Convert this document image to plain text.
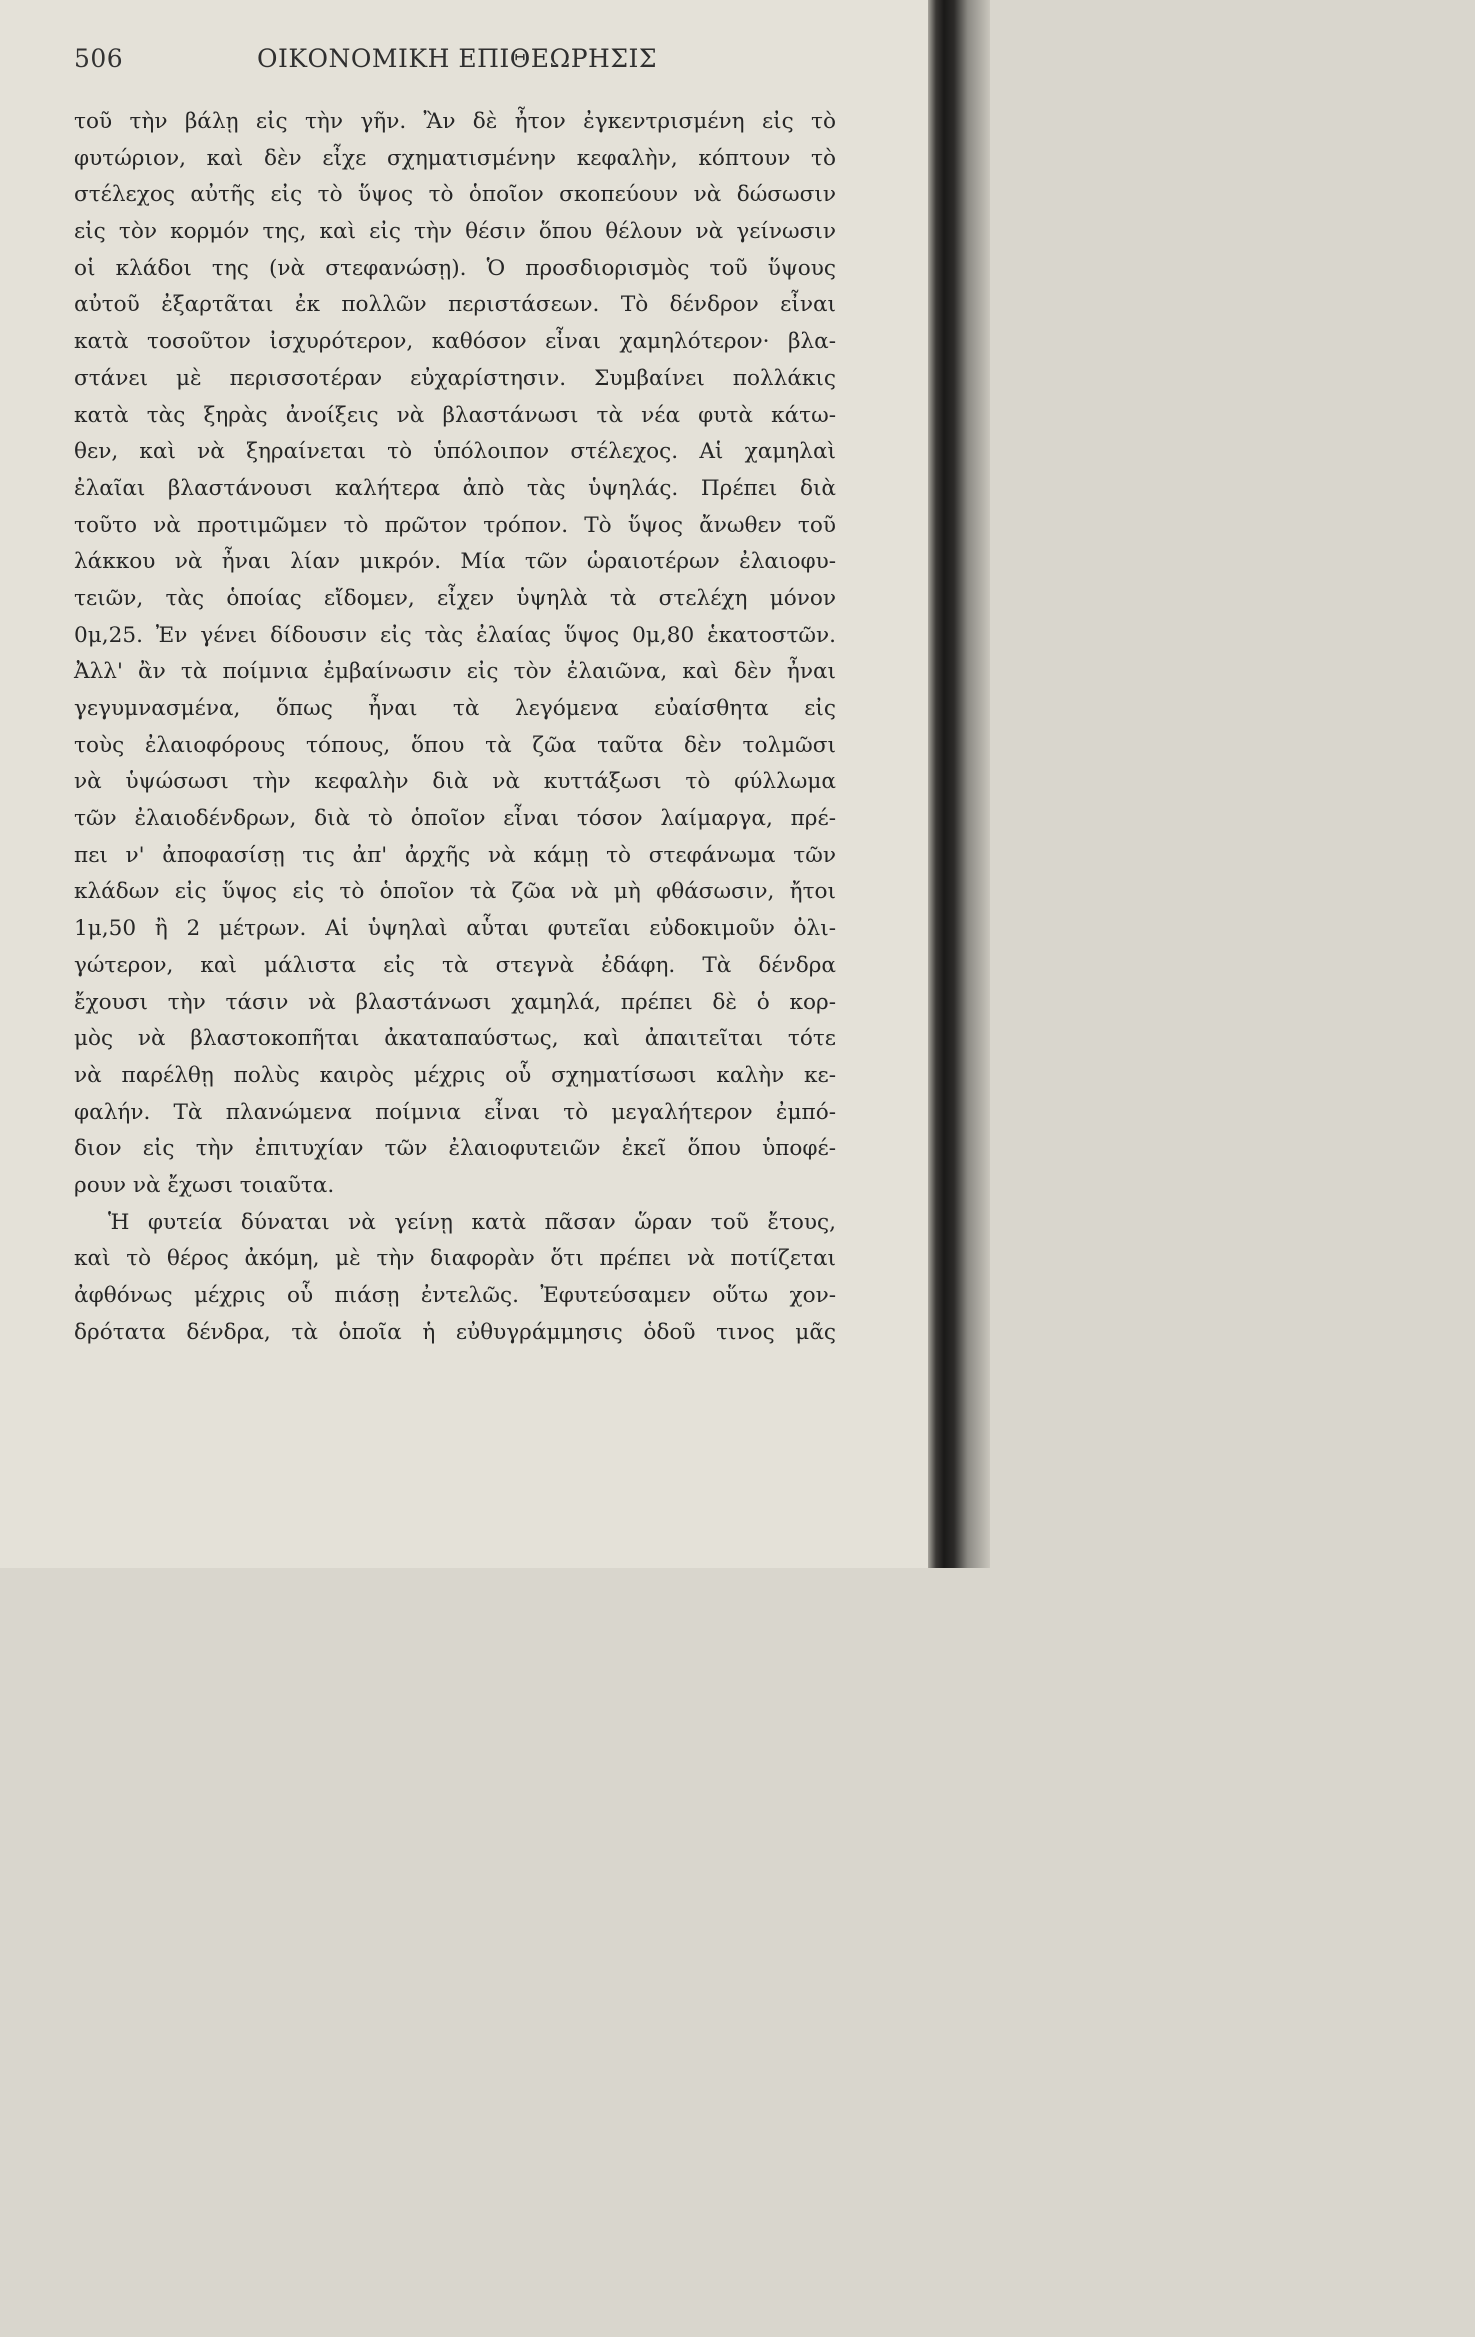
506	ΟΙΚΟΝΟΜΙΚΗ ΕΠΙΘΕΩΡΗΣΙΣ
τοῦ τὴν βάλῃ εἰς τὴν γῆν. Ἂν δὲ ἦτον ἐγκεντρισμένη εἰς τὸ
φυτώριον, καὶ δὲν εἶχε σχηματισμένην κεφαλὴν, κόπτουν τὸ
στέλεχος αὐτῆς εἰς τὸ ὕψος τὸ ὁποῖον σκοπεύουν νὰ δώσωσιν
εἰς τὸν κορμόν της, καὶ εἰς τὴν θέσιν ὅπου θέλουν νὰ γείνωσιν
οἱ κλάδοι της (νὰ στεφανώσῃ). Ὁ προσδιορισμὸς τοῦ ὕψους
αὐτοῦ ἐξαρτᾶται ἐκ πολλῶν περιστάσεων. Τὸ δένδρον εἶναι
κατὰ τοσοῦτον ἰσχυρότερον, καθόσον εἶναι χαμηλότερον· βλα-
στάνει μὲ περισσοτέραν εὐχαρίστησιν. Συμβαίνει πολλάκις
κατὰ τὰς ξηρὰς ἀνοίξεις νὰ βλαστάνωσι τὰ νέα φυτὰ κάτω-
θεν, καὶ νὰ ξηραίνεται τὸ ὑπόλοιπον στέλεχος. Αἱ χαμηλαὶ
ἐλαῖαι βλαστάνουσι καλήτερα ἀπὸ τὰς ὑψηλάς. Πρέπει διὰ
τοῦτο νὰ προτιμῶμεν τὸ πρῶτον τρόπον. Τὸ ὕψος ἄνωθεν τοῦ
λάκκου νὰ ἦναι λίαν μικρόν. Μία τῶν ὡραιοτέρων ἐλαιοφυ-
τειῶν, τὰς ὁποίας εἴδομεν, εἶχεν ὑψηλὰ τὰ στελέχη μόνον
0μ,25. Ἐν γένει δίδουσιν εἰς τὰς ἐλαίας ὕψος 0μ,80 ἑκατοστῶν.
Ἀλλ' ἂν τὰ ποίμνια ἐμβαίνωσιν εἰς τὸν ἐλαιῶνα, καὶ δὲν ἦναι
γεγυμνασμένα, ὅπως ἦναι τὰ λεγόμενα εὐαίσθητα εἰς
τοὺς ἐλαιοφόρους τόπους, ὅπου τὰ ζῶα ταῦτα δὲν τολμῶσι
νὰ ὑψώσωσι τὴν κεφαλὴν διὰ νὰ κυττάξωσι τὸ φύλλωμα
τῶν ἐλαιοδένδρων, διὰ τὸ ὁποῖον εἶναι τόσον λαίμαργα, πρέ-
πει ν' ἀποφασίσῃ τις ἀπ' ἀρχῆς νὰ κάμῃ τὸ στεφάνωμα τῶν
κλάδων εἰς ὕψος εἰς τὸ ὁποῖον τὰ ζῶα νὰ μὴ φθάσωσιν, ἤτοι
1μ,50 ἢ 2 μέτρων. Αἱ ὑψηλαὶ αὗται φυτεῖαι εὐδοκιμοῦν ὀλι-
γώτερον, καὶ μάλιστα εἰς τὰ στεγνὰ ἐδάφη. Τὰ δένδρα
ἔχουσι τὴν τάσιν νὰ βλαστάνωσι χαμηλά, πρέπει δὲ ὁ κορ-
μὸς νὰ βλαστοκοπῆται ἀκαταπαύστως, καὶ ἀπαιτεῖται τότε
νὰ παρέλθῃ πολὺς καιρὸς μέχρις οὗ σχηματίσωσι καλὴν κε-
φαλήν. Τὰ πλανώμενα ποίμνια εἶναι τὸ μεγαλήτερον ἐμπό-
διον εἰς τὴν ἐπιτυχίαν τῶν ἐλαιοφυτειῶν ἐκεῖ ὅπου ὑποφέ-
ρουν νὰ ἔχωσι τοιαῦτα.
Ἡ φυτεία δύναται νὰ γείνῃ κατὰ πᾶσαν ὥραν τοῦ ἔτους,
καὶ τὸ θέρος ἀκόμη, μὲ τὴν διαφορὰν ὅτι πρέπει νὰ ποτίζεται
ἀφθόνως μέχρις οὗ πιάσῃ ἐντελῶς. Ἐφυτεύσαμεν οὕτω χον-
δρότατα δένδρα, τὰ ὁποῖα ἡ εὐθυγράμμησις ὁδοῦ τινος μᾶς
